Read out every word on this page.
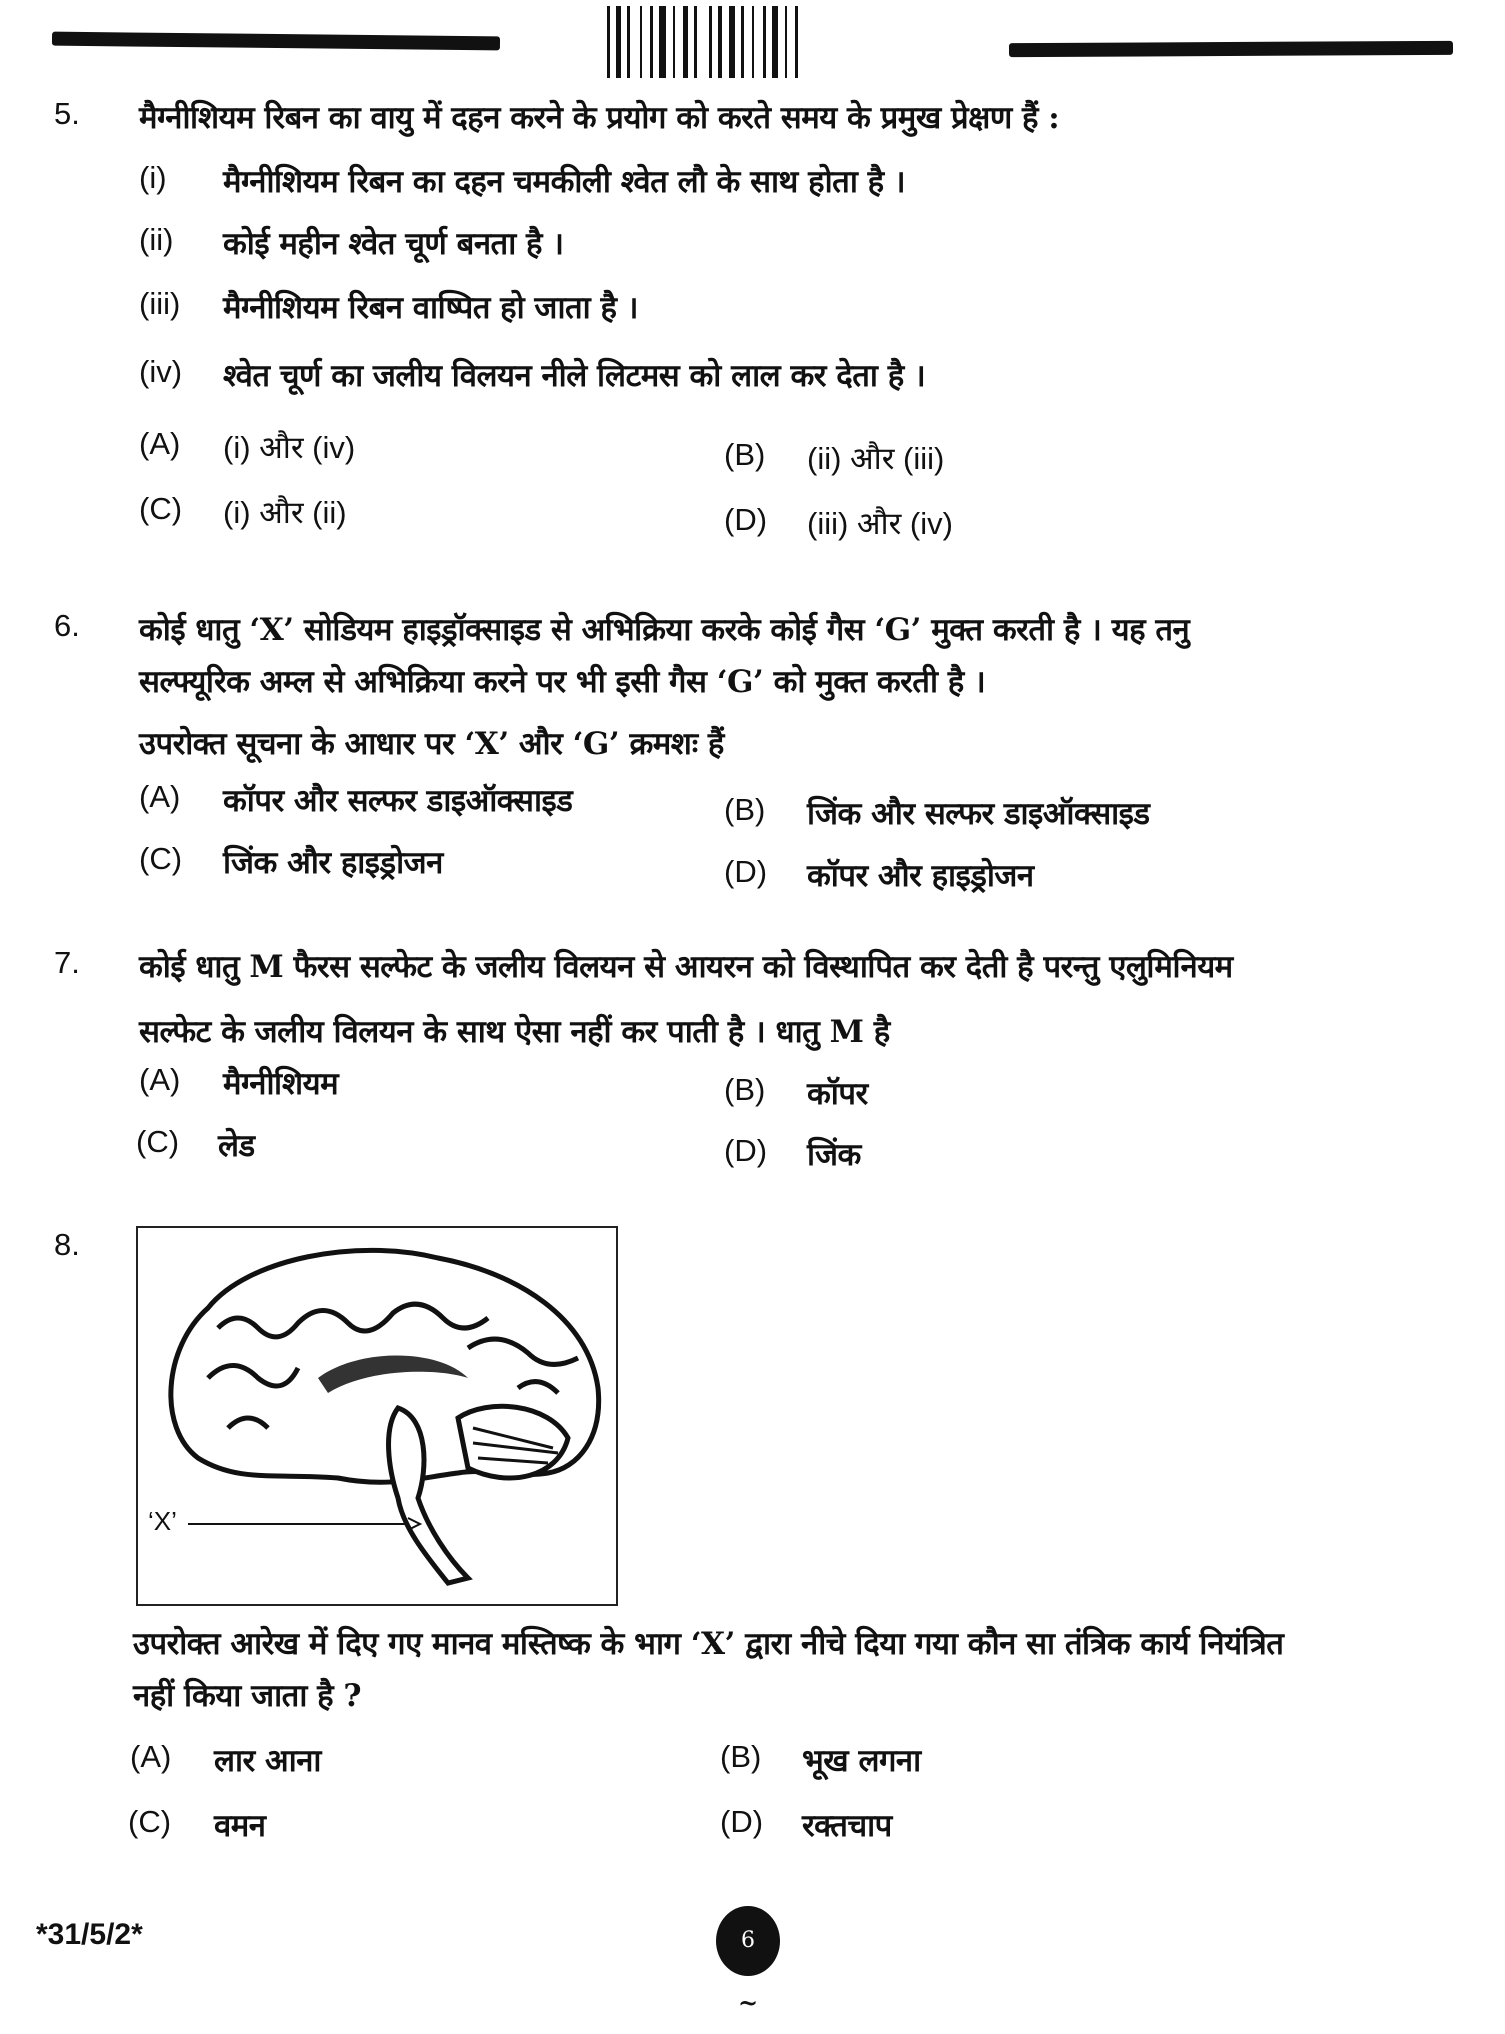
5. मैग्नीशियम रिबन का वायु में दहन करने के प्रयोग को करते समय के प्रमुख प्रेक्षण हैं :
(i) मैग्नीशियम रिबन का दहन चमकीली श्वेत लौ के साथ होता है ।
(ii) कोई महीन श्वेत चूर्ण बनता है ।
(iii) मैग्नीशियम रिबन वाष्पित हो जाता है ।
(iv) श्वेत चूर्ण का जलीय विलयन नीले लिटमस को लाल कर देता है ।
(A) (i) और (iv)	(B) (ii) और (iii)
(C) (i) और (ii)	(D) (iii) और (iv)
6. कोई धातु ‘X’ सोडियम हाइड्रॉक्साइड से अभिक्रिया करके कोई गैस ‘G’ मुक्त करती है । यह तनु
सल्फ्यूरिक अम्ल से अभिक्रिया करने पर भी इसी गैस ‘G’ को मुक्त करती है ।
उपरोक्त सूचना के आधार पर ‘X’ और ‘G’ क्रमशः हैं
(A) कॉपर और सल्फर डाइऑक्साइड	(B) जिंक और सल्फर डाइऑक्साइड
(C) जिंक और हाइड्रोजन	(D) कॉपर और हाइड्रोजन
7. कोई धातु M फैरस सल्फेट के जलीय विलयन से आयरन को विस्थापित कर देती है परन्तु एलुमिनियम
सल्फेट के जलीय विलयन के साथ ऐसा नहीं कर पाती है । धातु M है
(A) मैग्नीशियम	(B) कॉपर
(C) लेड	(D) जिंक
8.
‘X’
उपरोक्त आरेख में दिए गए मानव मस्तिष्क के भाग ‘X’ द्वारा नीचे दिया गया कौन सा तंत्रिक कार्य नियंत्रित
नहीं किया जाता है ?
(A) लार आना	(B) भूख लगना
(C) वमन	(D) रक्तचाप
*31/5/2*	6
~
